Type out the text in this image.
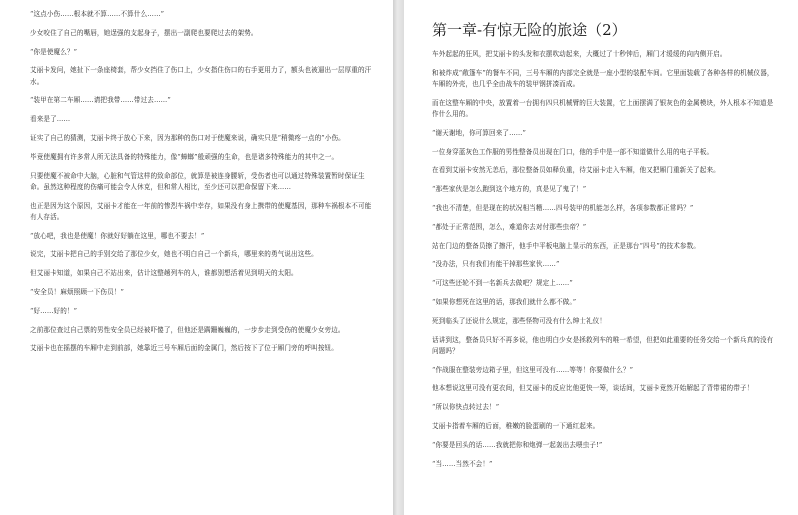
“这点小伤……根本就不算……不算什么……”

少女咬住了自己的嘴唇，她逞强的支起身子，摆出一副爬也要爬过去的架势。

“你是使魔么？”

艾丽卡发问，她扯下一条座椅套，帮少女挡住了伤口上，少女指住伤口的右手更用力了，额头也被逼出一层厚重的汗水。

“装甲在第二车厢……请把我带……带过去……”

看来是了……

证实了自己的猜测，艾丽卡终于放心下来，因为那种的伤口对于使魔来说，确实只是“稍微疼一点的”小伤。

毕竟使魔拥有许多常人所无法具备的特殊能力，像“蟑螂”般顽强的生命，也是诸多特殊能力的其中之一。

只要使魔不被命中大脑，心脏和气管这样的致命部位，就算是被连身腰斩，受伤者也可以通过特殊装置暂时保证生命。虽然这种程度的伤痛可能会令人休克，但和常人相比，至少还可以把命保留下来……

也正是因为这个原因，艾丽卡才能在一年前的惨烈车祸中幸存，如果没有身上携带的使魔基因，那种车祸根本不可能有人存活。

“放心吧，我也是使魔！你就好好躺在这里，哪也不要去！”

说完，艾丽卡把自己的手别交给了那位少女，她也不明白自己一个新兵，哪里来的勇气说出这些。

但艾丽卡知道，如果自己不站出来，估计这整趟列车的人，谁都别想活着见到明天的太阳。

“安全员！麻烦照顾一下伤员！”

“好……好的！”

之前那位查过自己票的男性安全员已经被吓傻了，但他还是蹒跚巍巍的，一步步走到受伤的使魔少女旁边。

艾丽卡也在摇摆的车厢中走到前部，她靠近三号车厢后面的金属门，然后按下了位于厢门旁的呼叫按钮。

第一章-有惊无险的旅途（2）

车外起起的狂风，把艾丽卡的头发和衣摆吹动起来，大概过了十秒钟后，厢门才缓缓的向内侧开启。

和被炸成“敞篷车”的餐车不同，三号车厢的内部完全就是一座小型的装配车间。它里面装载了各种各样的机械仪器，车厢的外壳，也几乎全由战车的装甲钢拼凑而成。

而在这整车厢的中央，放置着一台拥有四只机械臂的巨大装置，它上面摆满了银灰色的金属模块，外人根本不知道是作什么用的。

“谢天谢地，你可算回来了……”

一位身穿蓝灰色工作服的男性整备员出现在门口，他的手中是一部不知道做什么用的电子平板。

在看到艾丽卡安然无恙后，那位整备员如释负重，待艾丽卡走入车厢，他又把厢门重新关了起来。

“那些家伙是怎么跑到这个地方的，真是见了鬼了！”

“我也不清楚，但是现在的状况相当糟……四号装甲的机能怎么样，各项参数都正常吗？”

“都处于正常范围，怎么，难道你去对付那些虫帝？”

站在门边的整备员擦了擦汗，他手中平板电脑上显示的东西，正是那台“四号”的技术参数。

“没办法，只有我们有能干掉那些家伙……”

“可这些还轮不到一名新兵去做吧？规定上……”

“如果你想死在这里的话，那我们就什么都不做。”

死到临头了还说什么规定，那些怪物可没有什么绅士礼仪！

话讲到这，整备员只好不再多说，他也明白少女是拯救列车的唯一希望，但把如此重要的任务交给一个新兵真的没有问题吗？

“作战服在整装旁边箱子里，但这里可没有……等等！你要做什么？”

他本想说这里可没有更衣间，但艾丽卡的反应比他更快一筹，谈话间，艾丽卡竟然开始解起了背带裙的带子！

“所以你快点转过去！”

艾丽卡指着车厢的后面，稚嫩的脸蛋刷的一下通红起来。

“你要是回头的话……我就把你和炮弹一起轰出去喂虫子!”

“当……当然不会！”
